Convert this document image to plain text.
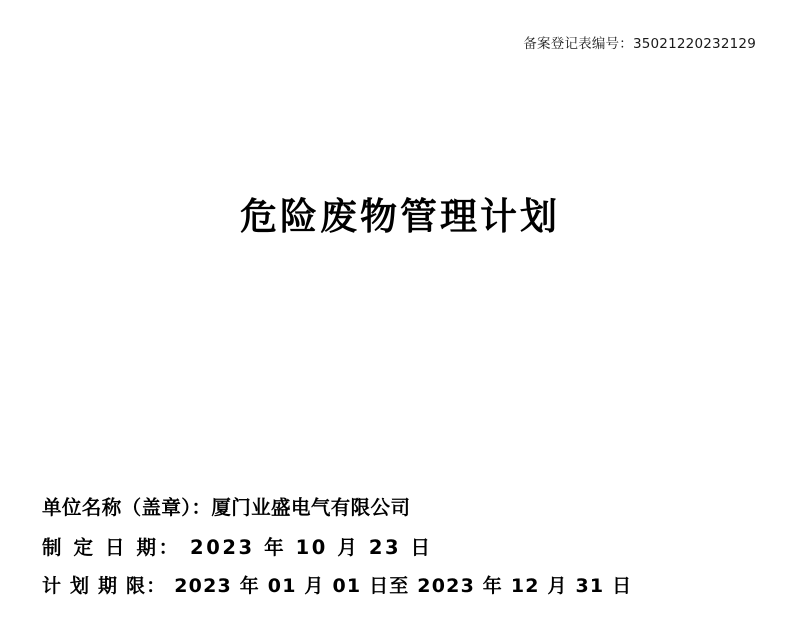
备案登记表编号：35021220232129
危险废物管理计划
单位名称（盖章）：厦门业盛电气有限公司
制 定 日 期： 2023 年 10 月 23 日
计 划 期 限： 2023 年 01 月 01 日至 2023 年 12 月 31 日
